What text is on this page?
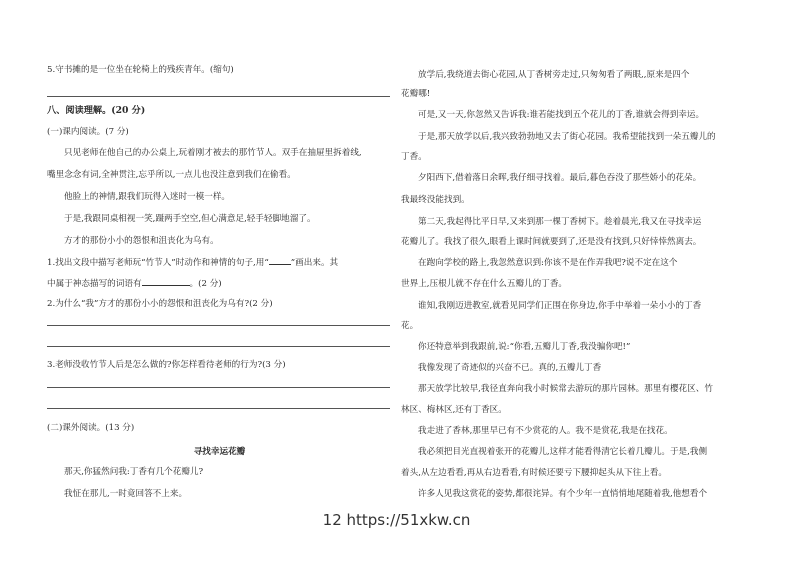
5.守书摊的是一位坐在轮椅上的残疾青年。(缩句)
八、阅读理解。(20 分)
(一)课内阅读。(7 分)
只见老师在他自己的办公桌上,玩着刚才被去的那竹节人。双手在抽屉里拆着线,
嘴里念念有词,全神贯注,忘乎所以,一点儿也没注意到我们在偷看。
他脸上的神情,跟我们玩得入迷时一模一样。
于是,我跟同桌相视一笑,蹑两手空空,但心满意足,轻手轻脚地溜了。
方才的那份小小的怨恨和沮丧化为乌有。
1.找出文段中描写老师玩“竹节人”时动作和神情的句子,用“	”画出来。其
中属于神态描写的词语有	。(2 分)
2.为什么“我”方才的那份小小的怨恨和沮丧化为乌有?(2 分)
3.老师没收竹节人后是怎么做的?你怎样看待老师的行为?(3 分)
(二)课外阅读。(13 分)
寻找幸运花瓣
那天,你猛然问我:丁香有几个花瓣儿?
我怔在那儿,一时竟回答不上来。
放学后,我绕道去街心花园,从丁香树旁走过,只匆匆看了两眼,,原来是四个
花瓣哪!
可是,又一天,你忽然又告诉我:谁若能找到五个花儿的丁香,谁就会得到幸运。
于是,那天放学以后,我兴致勃勃地又去了街心花园。我希望能找到一朵五瓣儿的
丁香。
夕阳西下,借着落日余晖,我仔细寻找着。最后,暮色吞没了那些娇小的花朵。
我最终没能找到。
第二天,我起得比平日早,又来到那一棵丁香树下。趁着晨光,我又在寻找幸运
花瓣儿了。我找了很久,眼看上课时间就要到了,还是没有找到,只好悻悻然离去。
在跑向学校的路上,我忽然意识到:你该不是在作弄我吧?说不定在这个
世界上,压根儿就不存在什么五瓣儿的丁香。
谁知,我刚迈进教室,就看见同学们正围在你身边,你手中举着一朵小小的丁香
花。
你还特意举到我跟前,说:“你看,五瓣儿丁香,我没骗你吧!”
我像发现了奇迹似的兴奋不已。真的,五瓣儿丁香
那天放学比较早,我径直奔向我小时候常去游玩的那片园林。那里有樱花区、竹
林区、梅林区,还有丁香区。
我走进了香林,那里早已有不少赏花的人。我不是赏花,我是在找花。
我必须把目光直视着张开的花瓣儿,这样才能看得清它长着几瓣儿。于是,我侧
着头,从左边看看,再从右边看看,有时候还要亏下腰抑起头从下往上看。
许多人见我这赏花的姿势,都很诧异。有个少年一直悄悄地尾随着我,他想看个
12 https://51xkw.cn
